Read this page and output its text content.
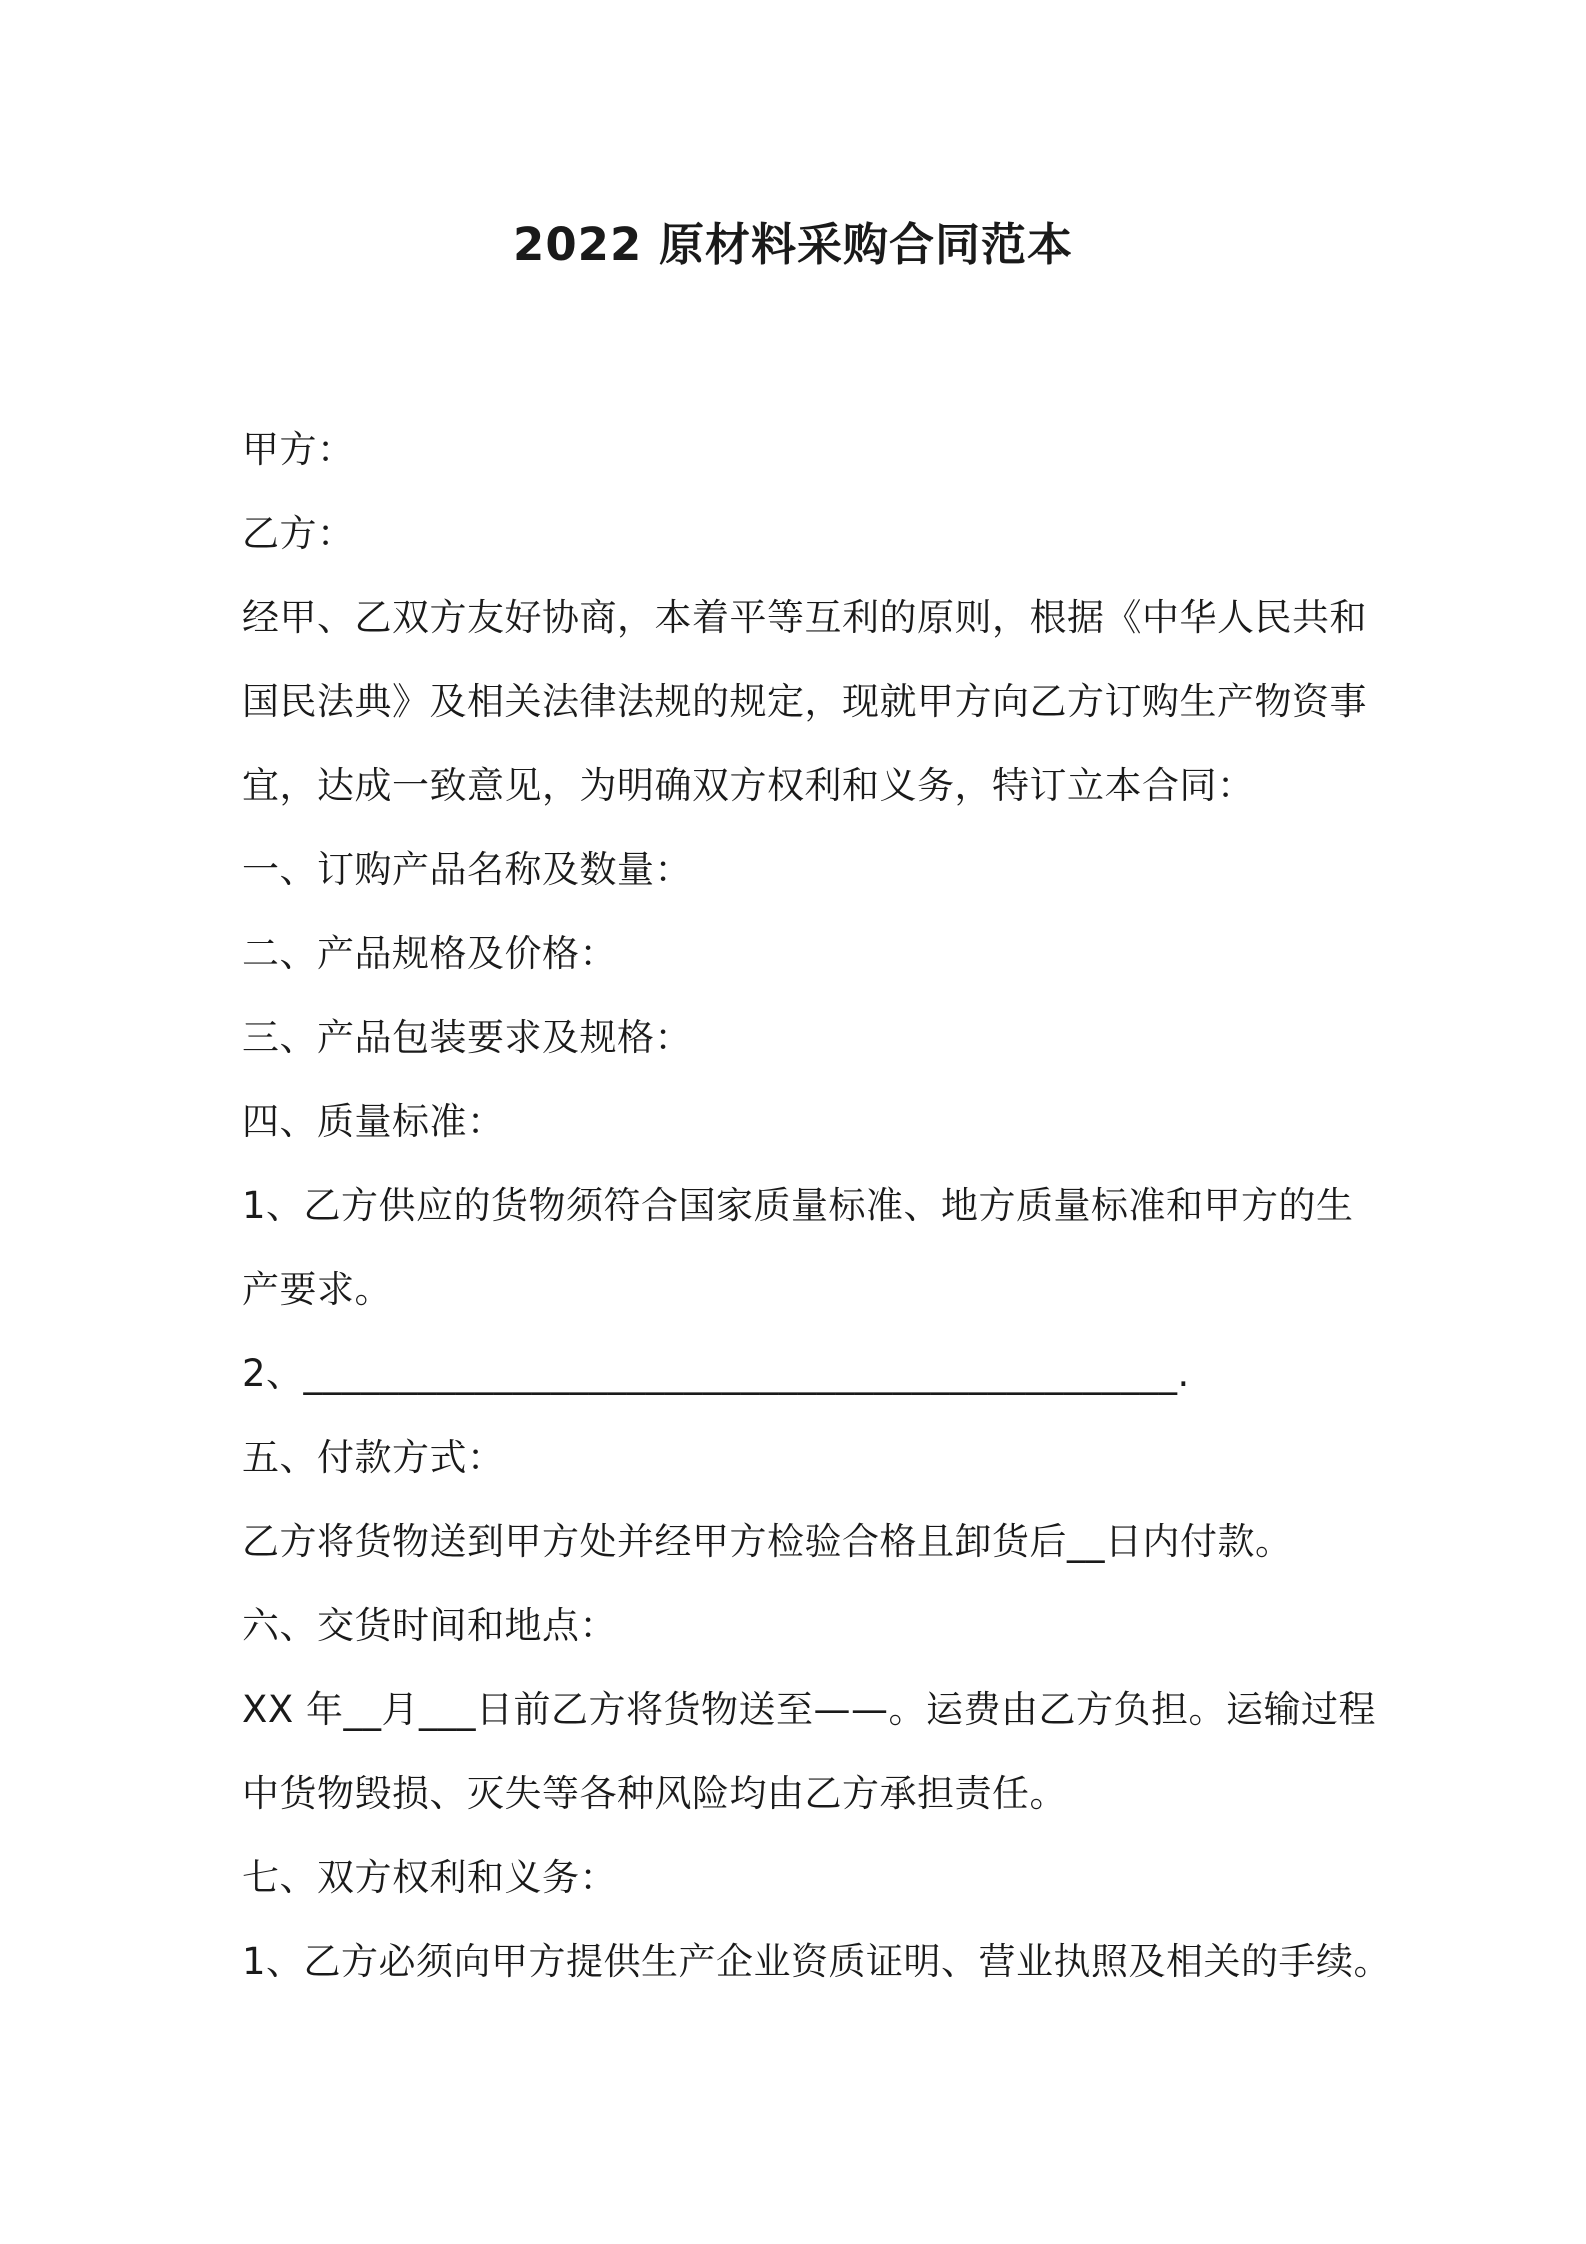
2022 原材料采购合同范本
甲方：
乙方：
经甲、乙双方友好协商，本着平等互利的原则，根据《中华人民共和
国民法典》及相关法律法规的规定，现就甲方向乙方订购生产物资事
宜，达成一致意见，为明确双方权利和义务，特订立本合同：
一、订购产品名称及数量：
二、产品规格及价格：
三、产品包装要求及规格：
四、质量标准：
1、乙方供应的货物须符合国家质量标准、地方质量标准和甲方的生
产要求。
2、______________________________________________.
五、付款方式：
乙方将货物送到甲方处并经甲方检验合格且卸货后__日内付款。
六、交货时间和地点：
XX 年__月___日前乙方将货物送至——。运费由乙方负担。运输过程
中货物毁损、灭失等各种风险均由乙方承担责任。
七、双方权利和义务：
1、乙方必须向甲方提供生产企业资质证明、营业执照及相关的手续。
